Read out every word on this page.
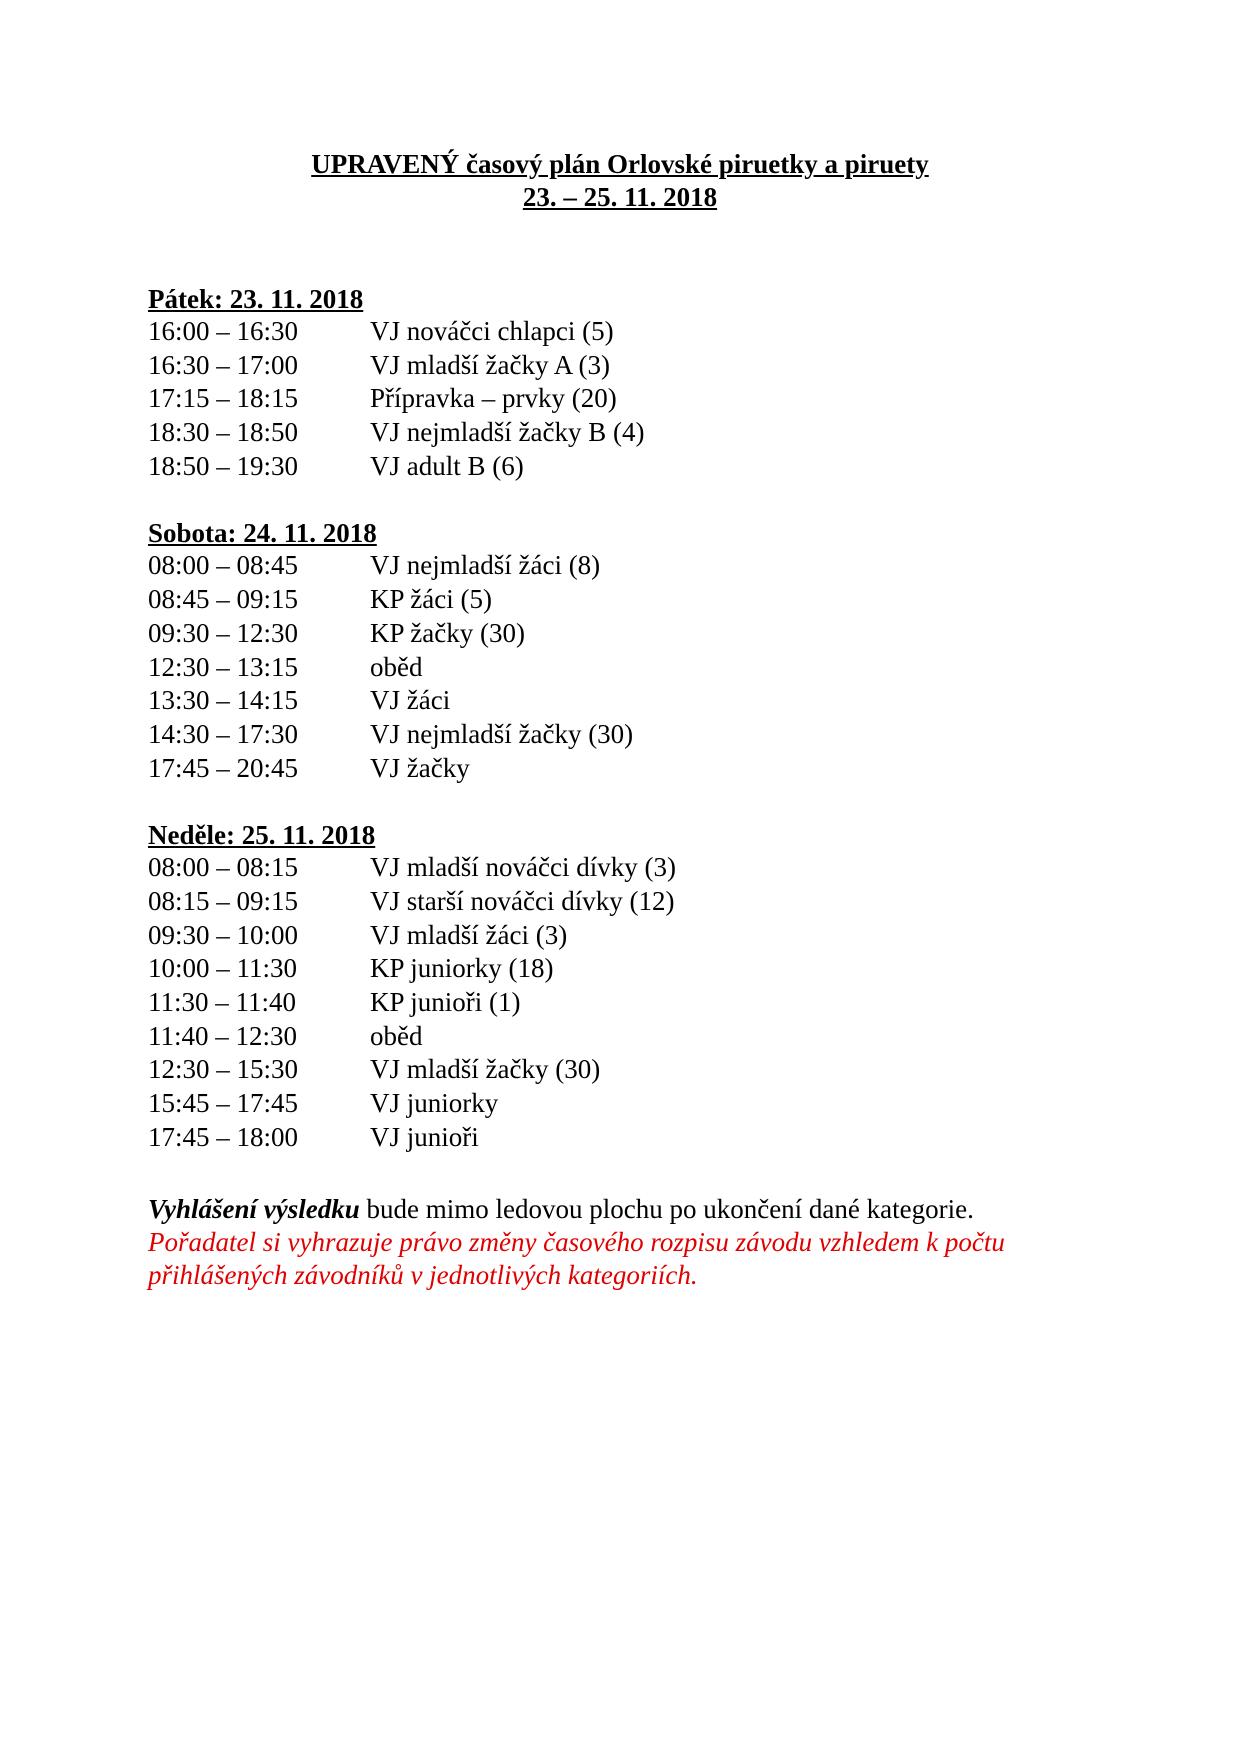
UPRAVENÝ časový plán Orlovské piruetky a piruety

23. – 25. 11. 2018

Pátek: 23. 11. 2018
16:00 – 16:30	VJ nováčci chlapci (5)
16:30 – 17:00	VJ mladší žačky A (3)
17:15 – 18:15	Přípravka – prvky (20)
18:30 – 18:50	VJ nejmladší žačky B (4)
18:50 – 19:30	VJ adult B (6)
Sobota: 24. 11. 2018
08:00 – 08:45	VJ nejmladší žáci (8)
08:45 – 09:15	KP žáci (5)
09:30 – 12:30	KP žačky (30)
12:30 – 13:15	oběd
13:30 – 14:15	VJ žáci
14:30 – 17:30	VJ nejmladší žačky (30)
17:45 – 20:45	VJ žačky
Neděle: 25. 11. 2018
08:00 – 08:15	VJ mladší nováčci dívky (3)
08:15 – 09:15	VJ starší nováčci dívky (12)
09:30 – 10:00	VJ mladší žáci (3)
10:00 – 11:30	KP juniorky (18)
11:30 – 11:40	KP junioři (1)
11:40 – 12:30	oběd
12:30 – 15:30	VJ mladší žačky (30)
15:45 – 17:45	VJ juniorky
17:45 – 18:00	VJ junioři

Vyhlášení výsledku bude mimo ledovou plochu po ukončení dané kategorie.

Pořadatel si vyhrazuje právo změny časového rozpisu závodu vzhledem k počtu přihlášených závodníků v jednotlivých kategoriích.
